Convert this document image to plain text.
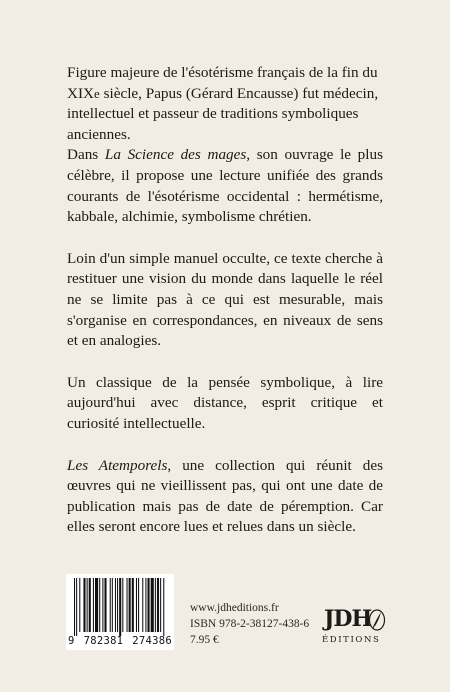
Figure majeure de l'ésotérisme français de la fin du
XIXe siècle, Papus (Gérard Encausse) fut médecin,
intellectuel et passeur de traditions symboliques
anciennes.

Dans La Science des mages, son ouvrage le plus célèbre, il propose une lecture unifiée des grands courants de l'ésotérisme occidental : hermétisme, kabbale, alchimie, symbolisme chrétien.

Loin d'un simple manuel occulte, ce texte cherche à restituer une vision du monde dans laquelle le réel ne se limite pas à ce qui est mesurable, mais s'organise en correspondances, en niveaux de sens et en analogies.

Un classique de la pensée symbolique, à lire aujourd'hui avec distance, esprit critique et curiosité intellectuelle.

Les Atemporels, une collection qui réunit des œuvres qui ne vieillissent pas, qui ont une date de publication mais pas de date de péremption. Car elles seront encore lues et relues dans un siècle.

9 782381 274386
www.jdheditions.fr
ISBN 978-2-38127-438-6
7.95 €
JDH
ÉDITIONS
